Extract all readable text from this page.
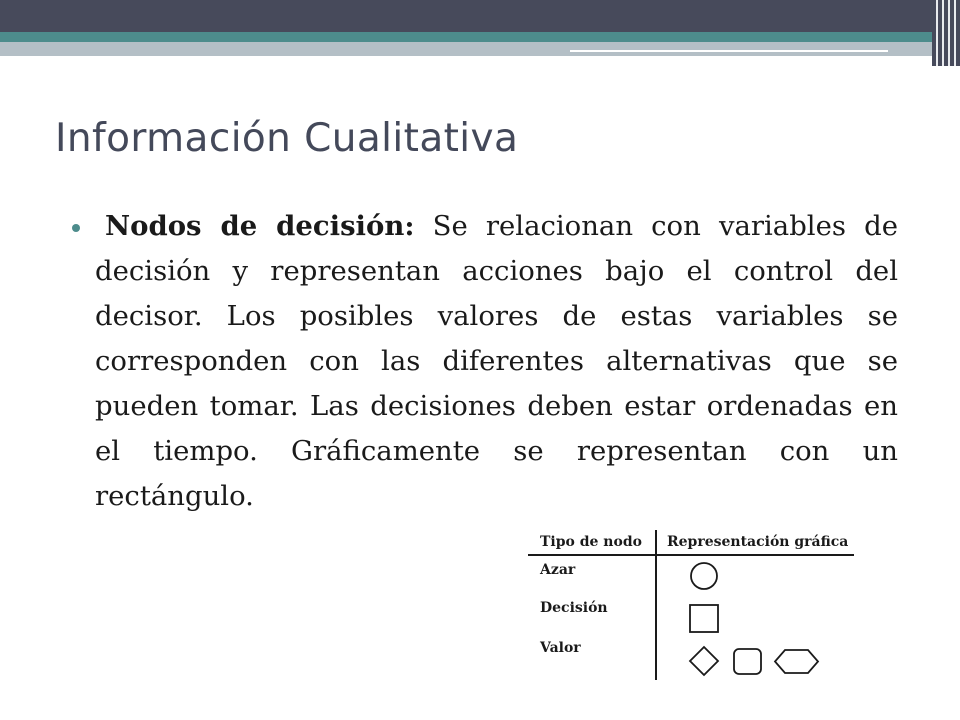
Información Cualitativa

Nodos de decisión: Se relacionan con variables de decisión y representan acciones bajo el control del decisor. Los posibles valores de estas variables se corresponden con las diferentes alternativas que se pueden tomar. Las decisiones deben estar ordenadas en el tiempo. Gráficamente se representan con un rectángulo.

Tipo de nodo Representación gráfica
Azar
Decisión
Valor
